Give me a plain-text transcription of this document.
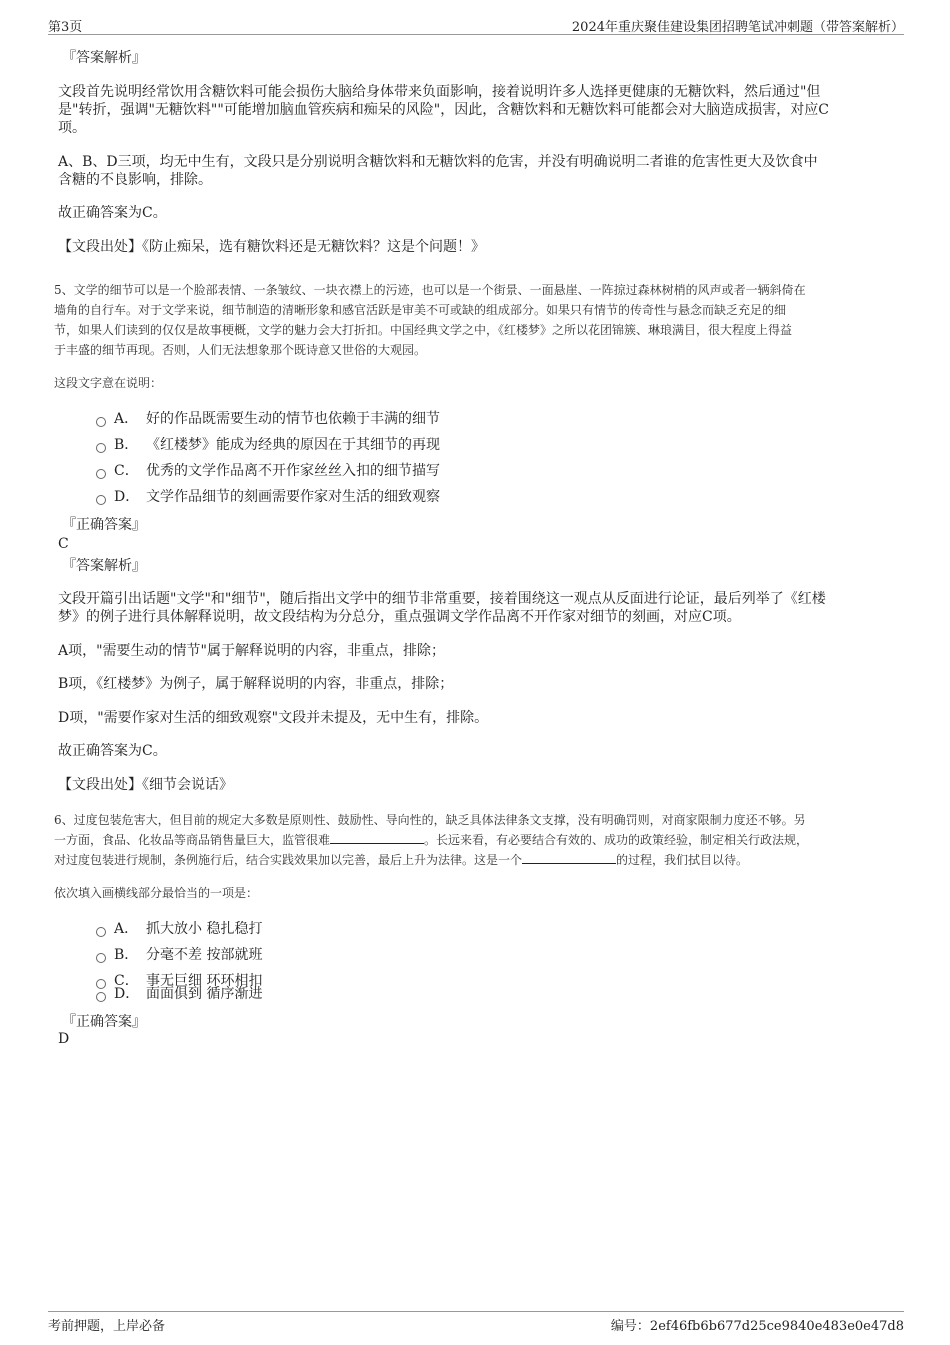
第3页	2024年重庆聚佳建设集团招聘笔试冲刺题（带答案解析）
『答案解析』
文段首先说明经常饮用含糖饮料可能会损伤大脑给身体带来负面影响，接着说明许多人选择更健康的无糖饮料，然后通过"但
是"转折，强调"无糖饮料""可能增加脑血管疾病和痴呆的风险"，因此，含糖饮料和无糖饮料可能都会对大脑造成损害，对应C
项。
A、B、D三项，均无中生有，文段只是分别说明含糖饮料和无糖饮料的危害，并没有明确说明二者谁的危害性更大及饮食中
含糖的不良影响，排除。
故正确答案为C。
【文段出处】《防止痴呆，选有糖饮料还是无糖饮料？这是个问题！》
5、文学的细节可以是一个脸部表情、一条皱纹、一块衣襟上的污迹，也可以是一个街景、一面悬崖、一阵掠过森林树梢的风声或者一辆斜倚在
墙角的自行车。对于文学来说，细节制造的清晰形象和感官活跃是审美不可或缺的组成部分。如果只有情节的传奇性与悬念而缺乏充足的细
节，如果人们读到的仅仅是故事梗概，文学的魅力会大打折扣。中国经典文学之中，《红楼梦》之所以花团锦簇、琳琅满目，很大程度上得益
于丰盛的细节再现。否则，人们无法想象那个既诗意又世俗的大观园。
这段文字意在说明：
A． 好的作品既需要生动的情节也依赖于丰满的细节
B． 《红楼梦》能成为经典的原因在于其细节的再现
C． 优秀的文学作品离不开作家丝丝入扣的细节描写
D． 文学作品细节的刻画需要作家对生活的细致观察
『正确答案』
C
『答案解析』
文段开篇引出话题"文学"和"细节"，随后指出文学中的细节非常重要，接着围绕这一观点从反面进行论证，最后列举了《红楼
梦》的例子进行具体解释说明，故文段结构为分总分，重点强调文学作品离不开作家对细节的刻画，对应C项。
A项，"需要生动的情节"属于解释说明的内容，非重点，排除；
B项，《红楼梦》为例子，属于解释说明的内容，非重点，排除；
D项，"需要作家对生活的细致观察"文段并未提及，无中生有，排除。
故正确答案为C。
【文段出处】《细节会说话》
6、过度包装危害大，但目前的规定大多数是原则性、鼓励性、导向性的，缺乏具体法律条文支撑，没有明确罚则，对商家限制力度还不够。另
一方面，食品、化妆品等商品销售量巨大，监管很难	。长远来看，有必要结合有效的、成功的政策经验，制定相关行政法规，
对过度包装进行规制，条例施行后，结合实践效果加以完善，最后上升为法律。这是一个	的过程，我们拭目以待。
依次填入画横线部分最恰当的一项是：
A． 抓大放小 稳扎稳打
B． 分毫不差 按部就班
C． 事无巨细 环环相扣
D． 面面俱到 循序渐进
『正确答案』
D
考前押题，上岸必备	编号：2ef46fb6b677d25ce9840e483e0e47d8
